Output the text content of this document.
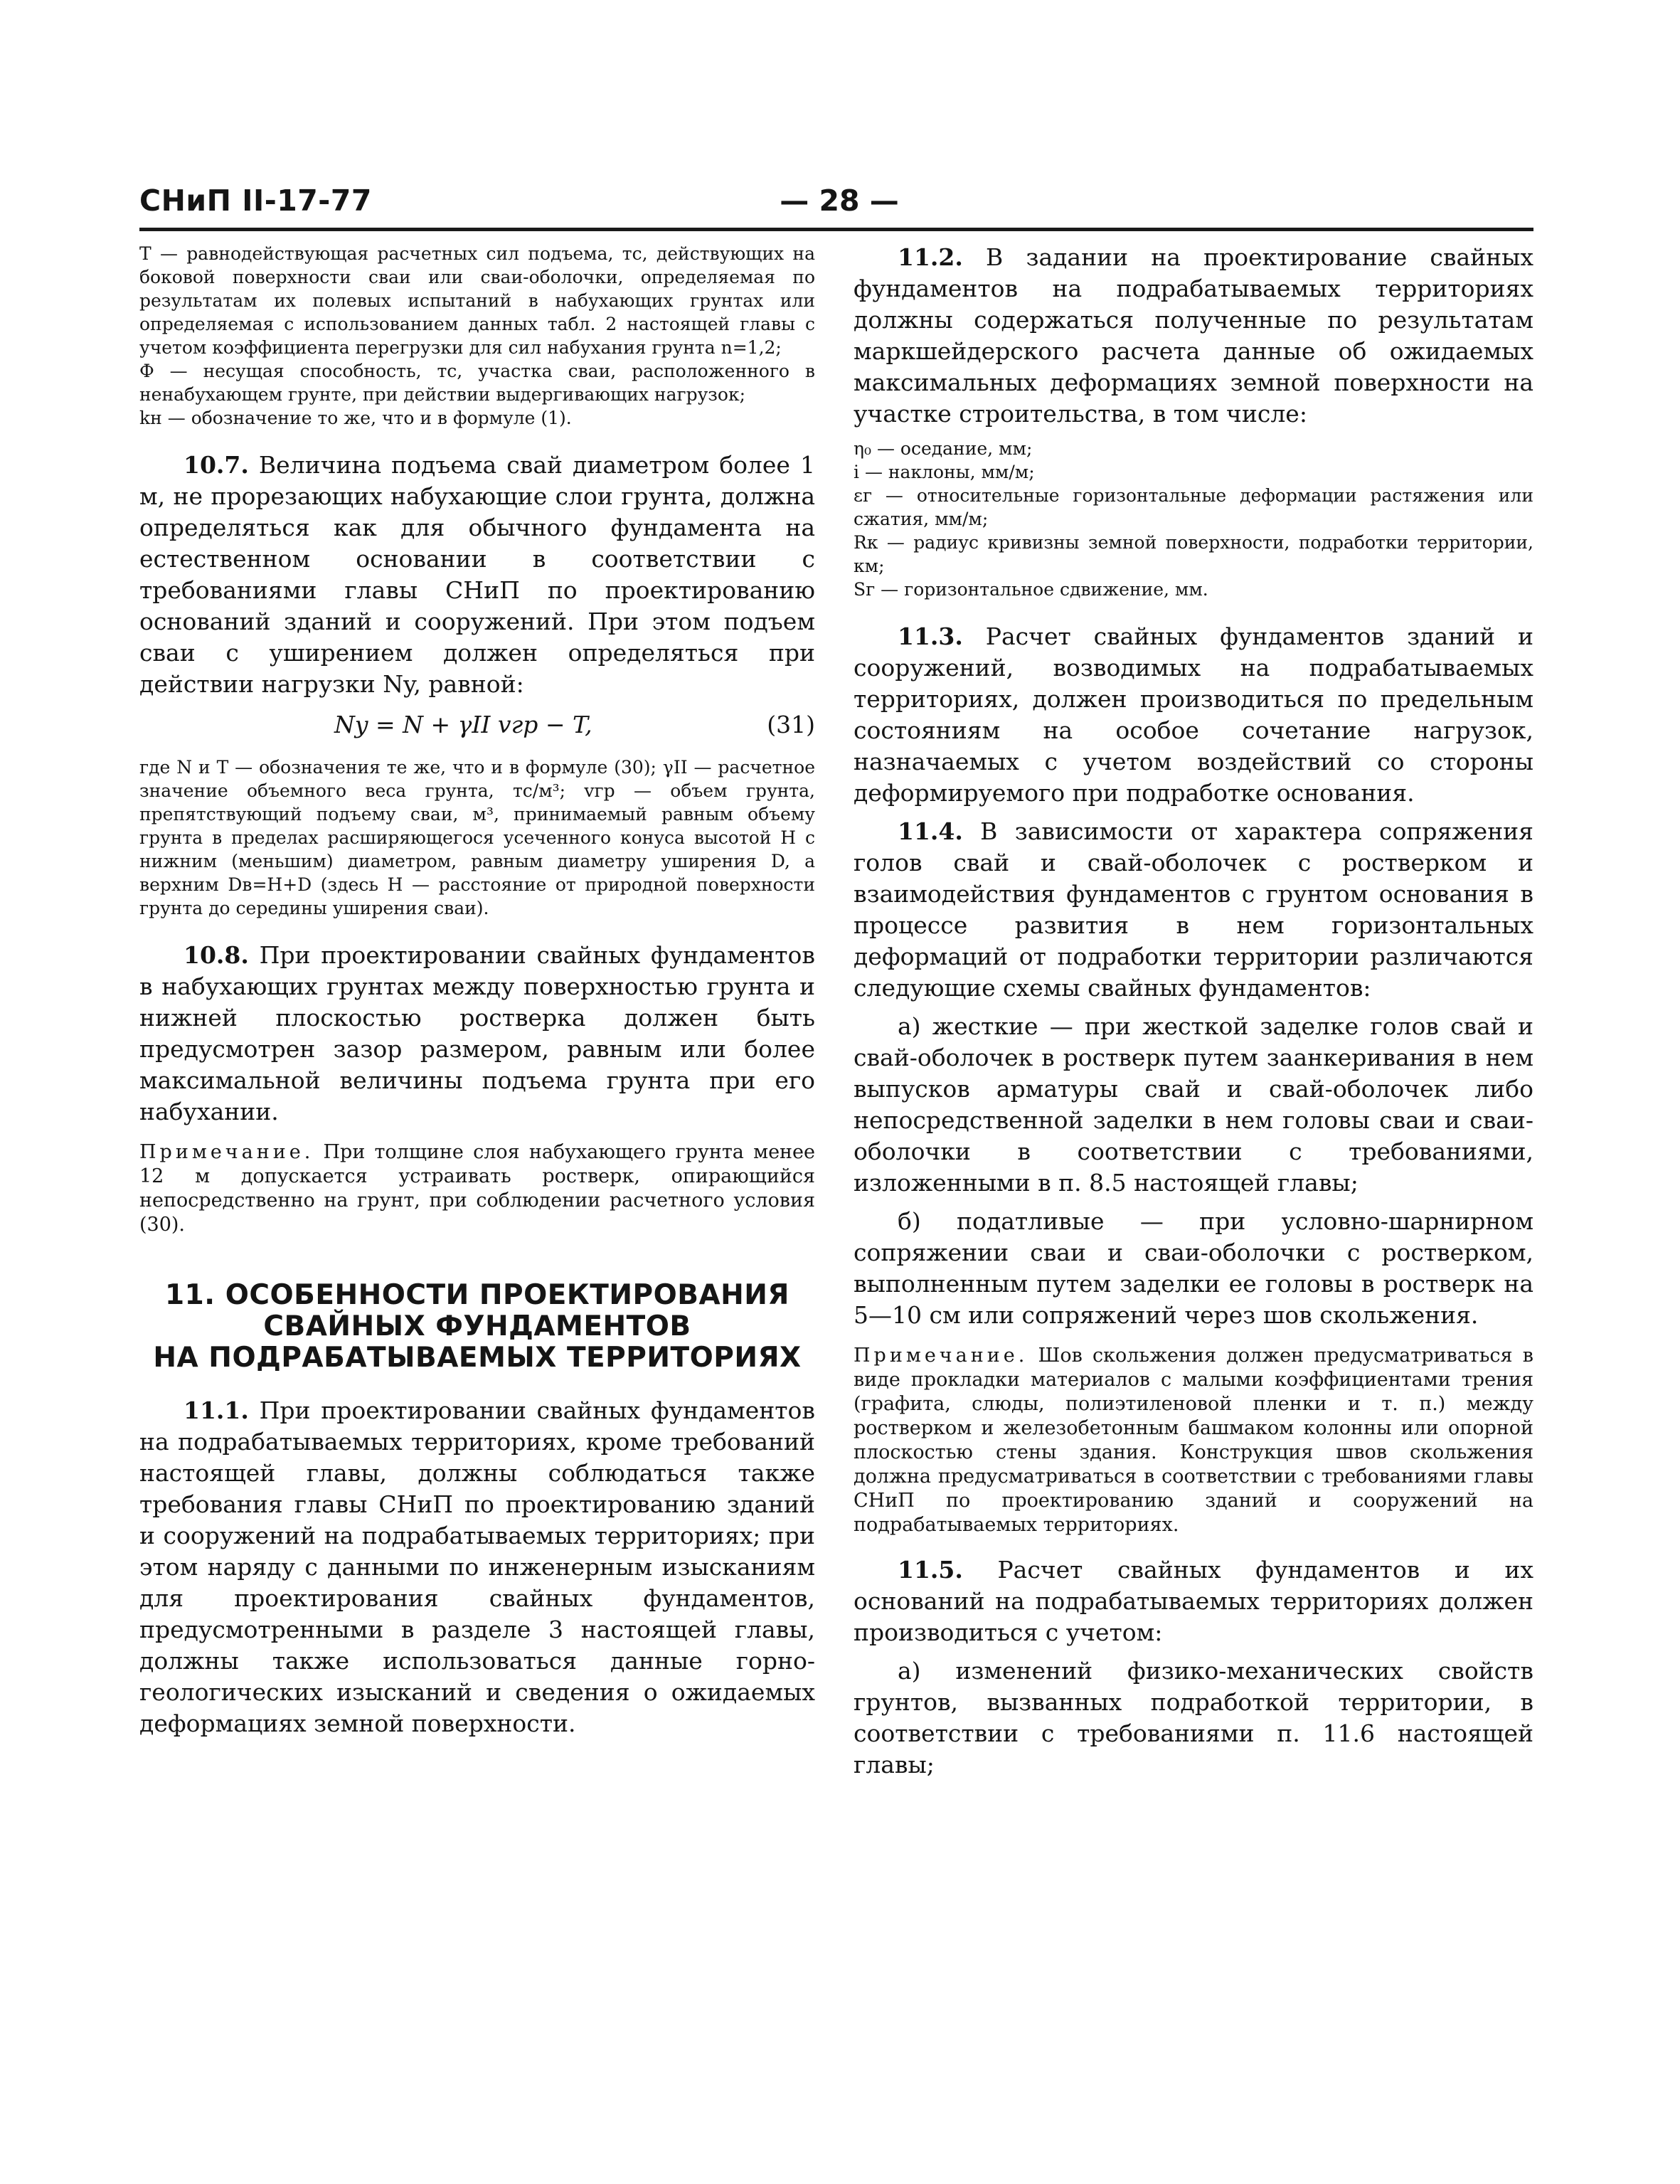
СНиП II-17-77	— 28 —

Т — равнодействующая расчетных сил подъема, тс, действующих на боковой поверхности сваи или сваи-оболочки, определяемая по результатам их полевых испытаний в набухающих грунтах или определяемая с использованием данных табл. 2 настоящей главы с учетом коэффициента перегрузки для сил набухания грунта n=1,2;

Ф — несущая способность, тс, участка сваи, расположенного в ненабухающем грунте, при действии выдергивающих нагрузок;

kн — обозначение то же, что и в формуле (1).

10.7. Величина подъема свай диаметром более 1 м, не прорезающих набухающие слои грунта, должна определяться как для обычного фундамента на естественном основании в соответствии с требованиями главы СНиП по проектированию оснований зданий и сооружений. При этом подъем сваи с уширением должен определяться при действии нагрузки Ny, равной:

Ny = N + γII vгр − T,	(31)

где N и T — обозначения те же, что и в формуле (30); γII — расчетное значение объемного веса грунта, тс/м³; vгр — объем грунта, препятствующий подъему сваи, м³, принимаемый равным объему грунта в пределах расширяющегося усеченного конуса высотой H с нижним (меньшим) диаметром, равным диаметру уширения D, а верхним Dв=H+D (здесь H — расстояние от природной поверхности грунта до середины уширения сваи).

10.8. При проектировании свайных фундаментов в набухающих грунтах между поверхностью грунта и нижней плоскостью ростверка должен быть предусмотрен зазор размером, равным или более максимальной величины подъема грунта при его набухании.

Примечание. При толщине слоя набухающего грунта менее 12 м допускается устраивать ростверк, опирающийся непосредственно на грунт, при соблюдении расчетного условия (30).

11. ОСОБЕННОСТИ ПРОЕКТИРОВАНИЯ
СВАЙНЫХ ФУНДАМЕНТОВ
НА ПОДРАБАТЫВАЕМЫХ ТЕРРИТОРИЯХ

11.1. При проектировании свайных фундаментов на подрабатываемых территориях, кроме требований настоящей главы, должны соблюдаться также требования главы СНиП по проектированию зданий и сооружений на подрабатываемых территориях; при этом наряду с данными по инженерным изысканиям для проектирования свайных фундаментов, предусмотренными в разделе 3 настоящей главы, должны также использоваться данные горно-геологических изысканий и сведения о ожидаемых деформациях земной поверхности.

11.2. В задании на проектирование свайных фундаментов на подрабатываемых территориях должны содержаться полученные по результатам маркшейдерского расчета данные об ожидаемых максимальных деформациях земной поверхности на участке строительства, в том числе:

η₀ — оседание, мм;

i — наклоны, мм/м;

εг — относительные горизонтальные деформации растяжения или сжатия, мм/м;

Rк — радиус кривизны земной поверхности, подработки территории, км;

Sг — горизонтальное сдвижение, мм.

11.3. Расчет свайных фундаментов зданий и сооружений, возводимых на подрабатываемых территориях, должен производиться по предельным состояниям на особое сочетание нагрузок, назначаемых с учетом воздействий со стороны деформируемого при подработке основания.

11.4. В зависимости от характера сопряжения голов свай и свай-оболочек с ростверком и взаимодействия фундаментов с грунтом основания в процессе развития в нем горизонтальных деформаций от подработки территории различаются следующие схемы свайных фундаментов:

а) жесткие — при жесткой заделке голов свай и свай-оболочек в ростверк путем заанкеривания в нем выпусков арматуры свай и свай-оболочек либо непосредственной заделки в нем головы сваи и сваи-оболочки в соответствии с требованиями, изложенными в п. 8.5 настоящей главы;

б) податливые — при условно-шарнирном сопряжении сваи и сваи-оболочки с ростверком, выполненным путем заделки ее головы в ростверк на 5—10 см или сопряжений через шов скольжения.

Примечание. Шов скольжения должен предусматриваться в виде прокладки материалов с малыми коэффициентами трения (графита, слюды, полиэтиленовой пленки и т. п.) между ростверком и железобетонным башмаком колонны или опорной плоскостью стены здания. Конструкция швов скольжения должна предусматриваться в соответствии с требованиями главы СНиП по проектированию зданий и сооружений на подрабатываемых территориях.

11.5. Расчет свайных фундаментов и их оснований на подрабатываемых территориях должен производиться с учетом:

а) изменений физико-механических свойств грунтов, вызванных подработкой территории, в соответствии с требованиями п. 11.6 настоящей главы;
